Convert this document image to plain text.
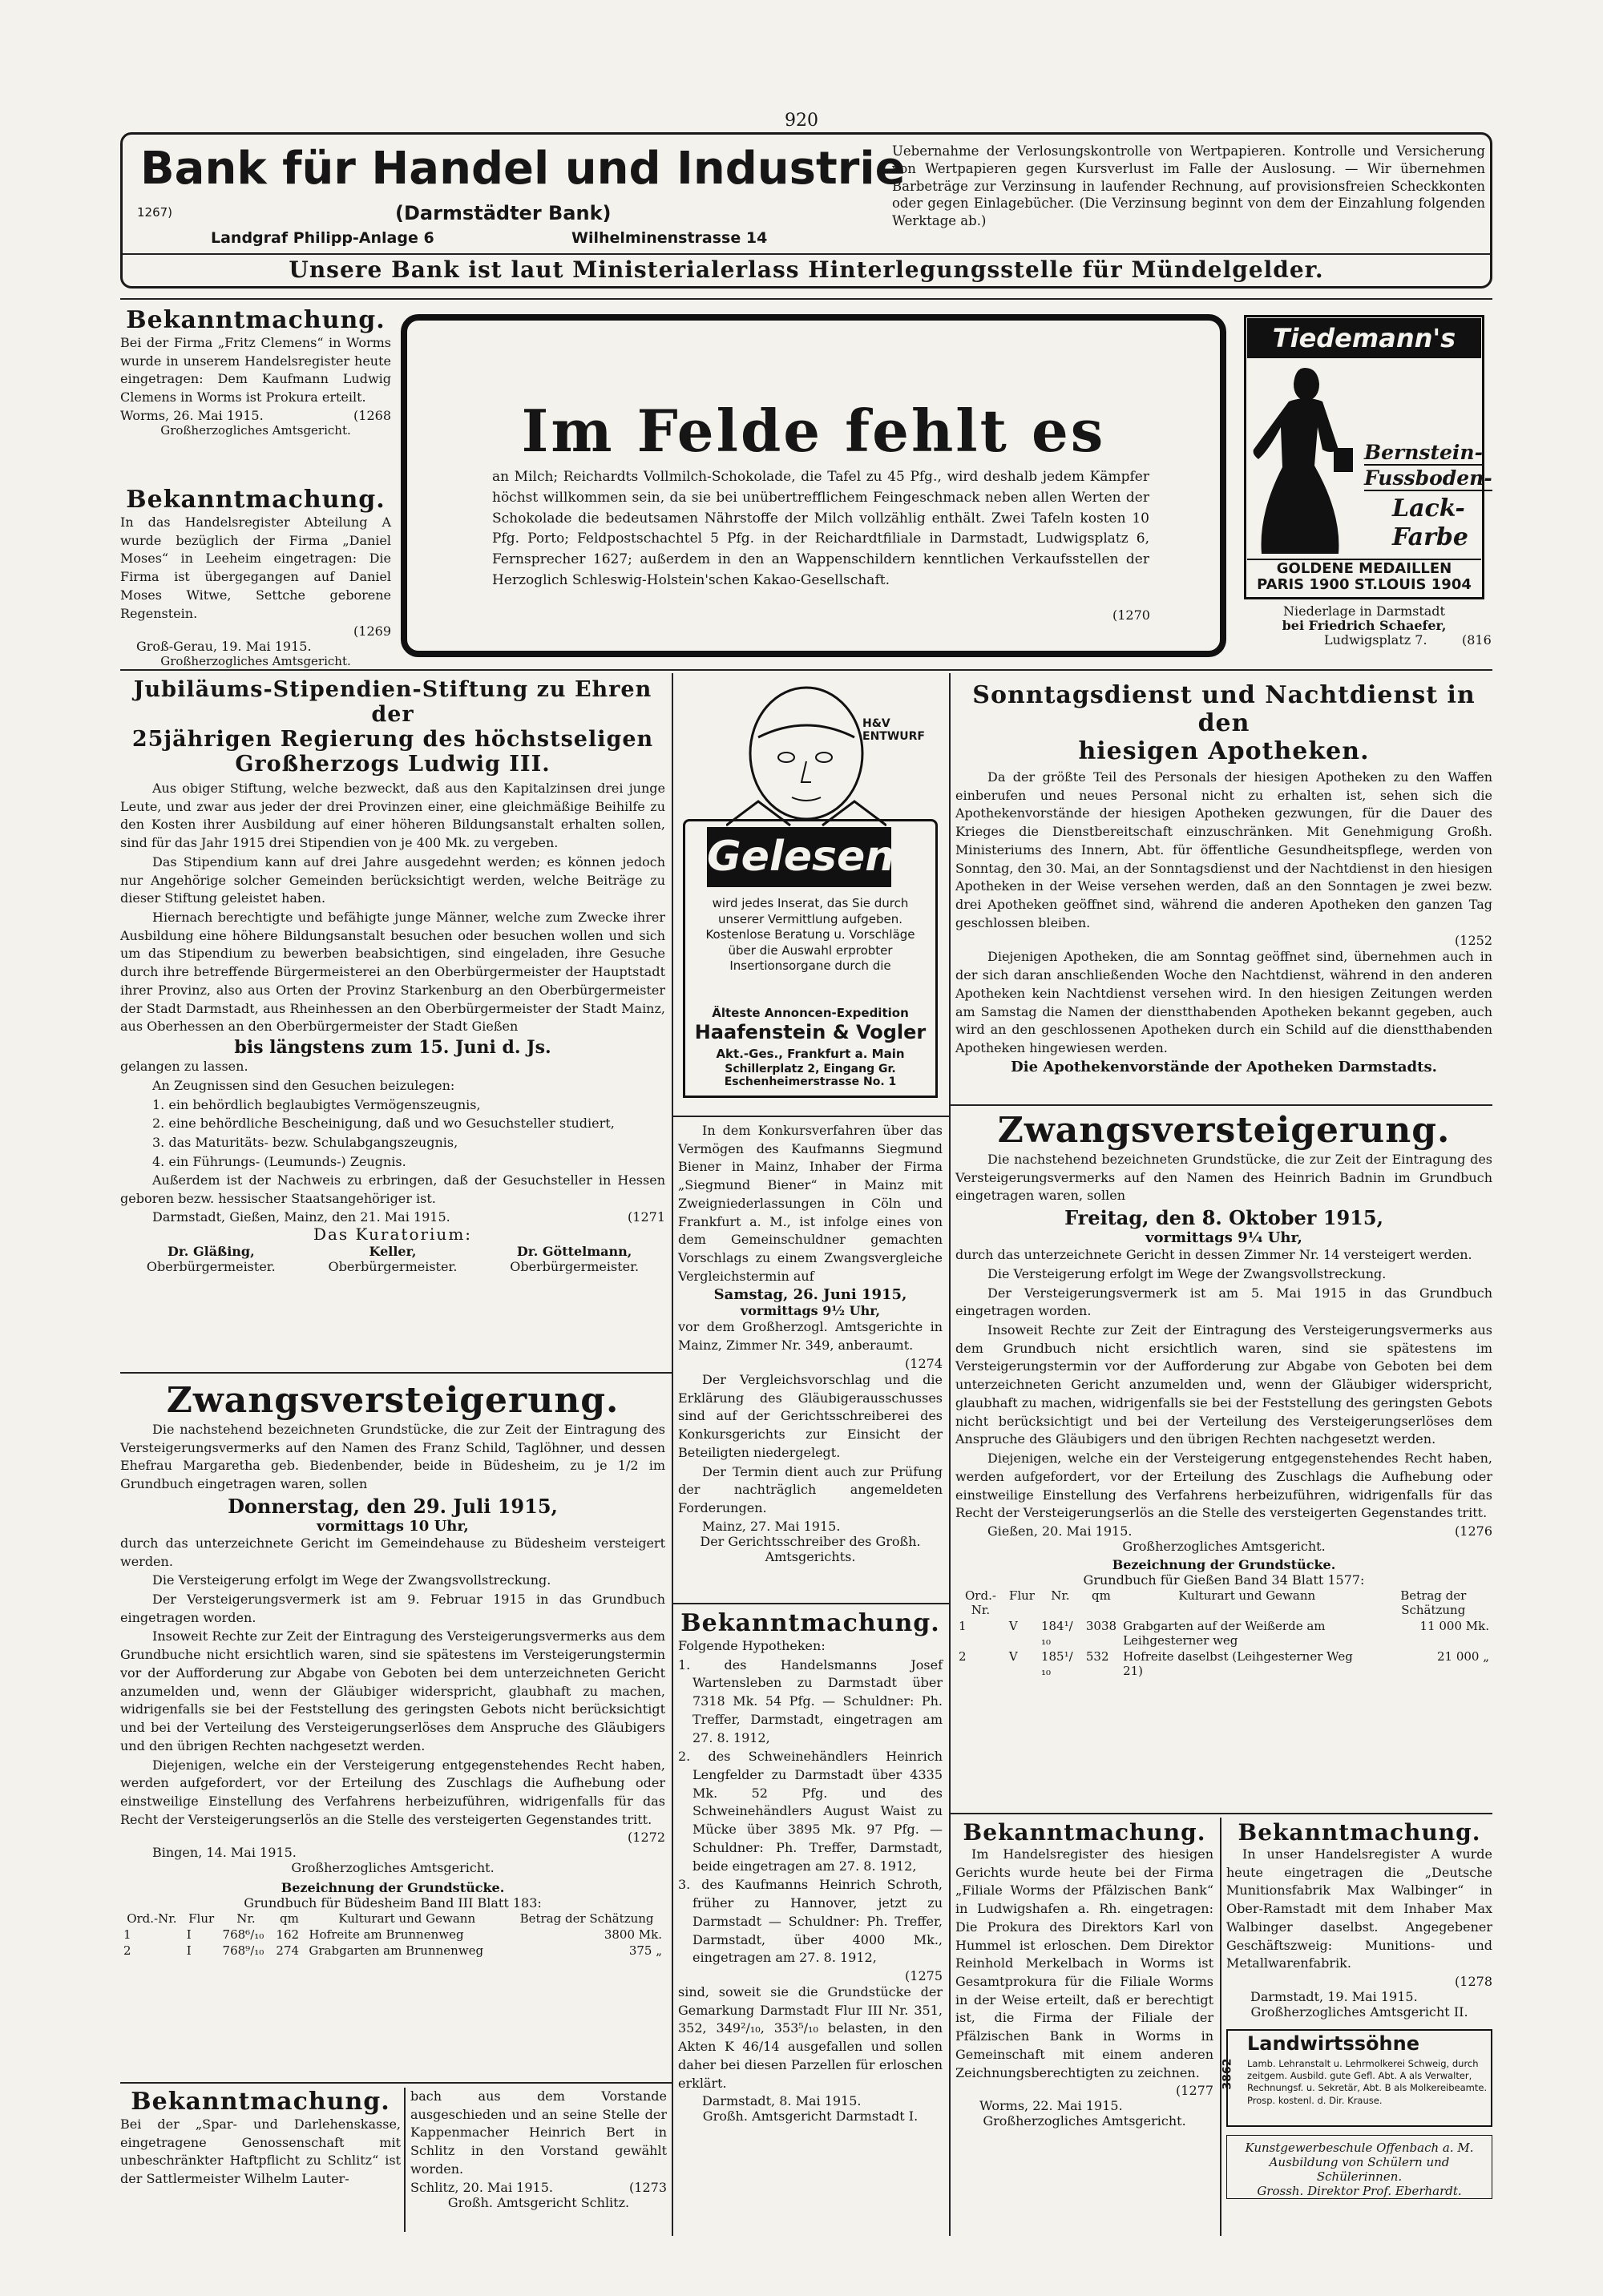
920
Bank für Handel und Industrie
1267)	(Darmstädter Bank)
Landgraf Philipp-Anlage 6	Wilhelminenstrasse 14
Uebernahme der Verlosungskontrolle von Wertpapieren. Kontrolle und Versicherung von Wertpapieren gegen Kursverlust im Falle der Auslosung. — Wir übernehmen Barbeträge zur Verzinsung in laufender Rechnung, auf provisionsfreien Scheckkonten oder gegen Einlagebücher. (Die Verzinsung beginnt von dem der Einzahlung folgenden Werktage ab.)
Unsere Bank ist laut Ministerialerlass Hinterlegungsstelle für Mündelgelder.
Bekanntmachung.
Bei der Firma „Fritz Clemens“ in Worms wurde in unserem Handelsregister heute eingetragen: Dem Kaufmann Ludwig Clemens in Worms ist Prokura erteilt.
Worms, 26. Mai 1915.	(1268
Großherzogliches Amtsgericht.
Bekanntmachung.
In das Handelsregister Abteilung A wurde bezüglich der Firma „Daniel Moses“ in Leeheim eingetragen: Die Firma ist übergegangen auf Daniel Moses Witwe, Settche geborene Regenstein.
(1269
Groß-Gerau, 19. Mai 1915.
Großherzogliches Amtsgericht.
Im Felde fehlt es
an Milch; Reichardts Vollmilch-Schokolade, die Tafel zu 45 Pfg., wird deshalb jedem Kämpfer höchst willkommen sein, da sie bei unübertrefflichem Feingeschmack neben allen Werten der Schokolade die bedeutsamen Nährstoffe der Milch vollzählig enthält. Zwei Tafeln kosten 10 Pfg. Porto; Feldpostschachtel 5 Pfg. in der Reichardtfiliale in Darmstadt, Ludwigsplatz 6, Fernsprecher 1627; außerdem in den an Wappenschildern kenntlichen Verkaufsstellen der Herzoglich Schleswig-Holstein'schen Kakao-Gesellschaft.
(1270
Tiedemann's
Bernstein-
Fussboden-
Lack-
Farbe
GOLDENE MEDAILLEN
PARIS 1900 ST.LOUIS 1904
Niederlage in Darmstadt
bei Friedrich Schaefer,
Ludwigsplatz 7.	(816
Jubiläums-Stipendien-Stiftung zu Ehren der
25jährigen Regierung des höchstseligen
Großherzogs Ludwig III.
Aus obiger Stiftung, welche bezweckt, daß aus den Kapitalzinsen drei junge Leute, und zwar aus jeder der drei Provinzen einer, eine gleichmäßige Beihilfe zu den Kosten ihrer Ausbildung auf einer höheren Bildungsanstalt erhalten sollen, sind für das Jahr 1915 drei Stipendien von je 400 Mk. zu vergeben.
Das Stipendium kann auf drei Jahre ausgedehnt werden; es können jedoch nur Angehörige solcher Gemeinden berücksichtigt werden, welche Beiträge zu dieser Stiftung geleistet haben.
Hiernach berechtigte und befähigte junge Männer, welche zum Zwecke ihrer Ausbildung eine höhere Bildungsanstalt besuchen oder besuchen wollen und sich um das Stipendium zu bewerben beabsichtigen, sind eingeladen, ihre Gesuche durch ihre betreffende Bürgermeisterei an den Oberbürgermeister der Hauptstadt ihrer Provinz, also aus Orten der Provinz Starkenburg an den Oberbürgermeister der Stadt Darmstadt, aus Rheinhessen an den Oberbürgermeister der Stadt Mainz, aus Oberhessen an den Oberbürgermeister der Stadt Gießen
bis längstens zum 15. Juni d. Js.
gelangen zu lassen.
An Zeugnissen sind den Gesuchen beizulegen:
1. ein behördlich beglaubigtes Vermögenszeugnis,
2. eine behördliche Bescheinigung, daß und wo Gesuchsteller studiert,
3. das Maturitäts- bezw. Schulabgangszeugnis,
4. ein Führungs- (Leumunds-) Zeugnis.
Außerdem ist der Nachweis zu erbringen, daß der Gesuchsteller in Hessen geboren bezw. hessischer Staatsangehöriger ist.
Darmstadt, Gießen, Mainz, den 21. Mai 1915.	(1271
Das Kuratorium:
Dr. Gläßing,
Oberbürgermeister.
Keller,
Oberbürgermeister.
Dr. Göttelmann,
Oberbürgermeister.
Zwangsversteigerung.
Die nachstehend bezeichneten Grundstücke, die zur Zeit der Eintragung des Versteigerungsvermerks auf den Namen des Franz Schild, Taglöhner, und dessen Ehefrau Margaretha geb. Biedenbender, beide in Büdesheim, zu je 1/2 im Grundbuch eingetragen waren, sollen
Donnerstag, den 29. Juli 1915,
vormittags 10 Uhr,
durch das unterzeichnete Gericht im Gemeindehause zu Büdesheim versteigert werden.
Die Versteigerung erfolgt im Wege der Zwangsvollstreckung.
Der Versteigerungsvermerk ist am 9. Februar 1915 in das Grundbuch eingetragen worden.
Insoweit Rechte zur Zeit der Eintragung des Versteigerungsvermerks aus dem Grundbuche nicht ersichtlich waren, sind sie spätestens im Versteigerungstermin vor der Aufforderung zur Abgabe von Geboten bei dem unterzeichneten Gericht anzumelden und, wenn der Gläubiger widerspricht, glaubhaft zu machen, widrigenfalls sie bei der Feststellung des geringsten Gebots nicht berücksichtigt und bei der Verteilung des Versteigerungserlöses dem Anspruche des Gläubigers und den übrigen Rechten nachgesetzt werden.
Diejenigen, welche ein der Versteigerung entgegenstehendes Recht haben, werden aufgefordert, vor der Erteilung des Zuschlags die Aufhebung oder einstweilige Einstellung des Verfahrens herbeizuführen, widrigenfalls für das Recht der Versteigerungserlös an die Stelle des versteigerten Gegenstandes tritt.
(1272
Bingen, 14. Mai 1915.
Großherzogliches Amtsgericht.
Bezeichnung der Grundstücke.
Grundbuch für Büdesheim Band III Blatt 183:
Ord.-Nr.	Flur	Nr.	qm	Kulturart und Gewann	Betrag der Schätzung
1	I	768⁶/₁₀	162	Hofreite am Brunnenweg	3800 Mk.
2	I	768⁹/₁₀	274	Grabgarten am Brunnenweg	375 „
Bekanntmachung.
Bei der „Spar- und Darlehenskasse, eingetragene Genossenschaft mit unbeschränkter Haftpflicht zu Schlitz“ ist der Sattlermeister Wilhelm Lauter-
bach aus dem Vorstande ausgeschieden und an seine Stelle der Kappenmacher Heinrich Bert in Schlitz in den Vorstand gewählt worden.
Schlitz, 20. Mai 1915.	(1273
Großh. Amtsgericht Schlitz.
H&V ENTWURF
Gelesen
wird jedes Inserat, das Sie durch unserer Vermittlung aufgeben. Kostenlose Beratung u. Vorschläge über die Auswahl erprobter Insertionsorgane durch die
Älteste Annoncen-Expedition
Haafenstein & Vogler
Akt.-Ges., Frankfurt a. Main
Schillerplatz 2, Eingang Gr. Eschenheimerstrasse No. 1
In dem Konkursverfahren über das Vermögen des Kaufmanns Siegmund Biener in Mainz, Inhaber der Firma „Siegmund Biener“ in Mainz mit Zweigniederlassungen in Cöln und Frankfurt a. M., ist infolge eines von dem Gemeinschuldner gemachten Vorschlags zu einem Zwangsvergleiche Vergleichstermin auf
Samstag, 26. Juni 1915,
vormittags 9½ Uhr,
vor dem Großherzogl. Amtsgerichte in Mainz, Zimmer Nr. 349, anberaumt.
(1274
Der Vergleichsvorschlag und die Erklärung des Gläubigerausschusses sind auf der Gerichtsschreiberei des Konkursgerichts zur Einsicht der Beteiligten niedergelegt.
Der Termin dient auch zur Prüfung der nachträglich angemeldeten Forderungen.
Mainz, 27. Mai 1915.
Der Gerichtsschreiber des Großh. Amtsgerichts.
Bekanntmachung.
Folgende Hypotheken:
1. des Handelsmanns Josef Wartensleben zu Darmstadt über 7318 Mk. 54 Pfg. — Schuldner: Ph. Treffer, Darmstadt, eingetragen am 27. 8. 1912,
2. des Schweinehändlers Heinrich Lengfelder zu Darmstadt über 4335 Mk. 52 Pfg. und des Schweinehändlers August Waist zu Mücke über 3895 Mk. 97 Pfg. — Schuldner: Ph. Treffer, Darmstadt, beide eingetragen am 27. 8. 1912,
3. des Kaufmanns Heinrich Schroth, früher zu Hannover, jetzt zu Darmstadt — Schuldner: Ph. Treffer, Darmstadt, über 4000 Mk., eingetragen am 27. 8. 1912,
(1275
sind, soweit sie die Grundstücke der Gemarkung Darmstadt Flur III Nr. 351, 352, 349²/₁₀, 353⁵/₁₀ belasten, in den Akten K 46/14 ausgefallen und sollen daher bei diesen Parzellen für erloschen erklärt.
Darmstadt, 8. Mai 1915.
Großh. Amtsgericht Darmstadt I.
Sonntagsdienst und Nachtdienst in den
hiesigen Apotheken.
Da der größte Teil des Personals der hiesigen Apotheken zu den Waffen einberufen und neues Personal nicht zu erhalten ist, sehen sich die Apothekenvorstände der hiesigen Apotheken gezwungen, für die Dauer des Krieges die Dienstbereitschaft einzuschränken. Mit Genehmigung Großh. Ministeriums des Innern, Abt. für öffentliche Gesundheitspflege, werden von Sonntag, den 30. Mai, an der Sonntagsdienst und der Nachtdienst in den hiesigen Apotheken in der Weise versehen werden, daß an den Sonntagen je zwei bezw. drei Apotheken geöffnet sind, während die anderen Apotheken den ganzen Tag geschlossen bleiben.
(1252
Diejenigen Apotheken, die am Sonntag geöffnet sind, übernehmen auch in der sich daran anschließenden Woche den Nachtdienst, während in den anderen Apotheken kein Nachtdienst versehen wird. In den hiesigen Zeitungen werden am Samstag die Namen der dienstthabenden Apotheken bekannt gegeben, auch wird an den geschlossenen Apotheken durch ein Schild auf die dienstthabenden Apotheken hingewiesen werden.
Die Apothekenvorstände der Apotheken Darmstadts.
Zwangsversteigerung.
Die nachstehend bezeichneten Grundstücke, die zur Zeit der Eintragung des Versteigerungsvermerks auf den Namen des Heinrich Badnin im Grundbuch eingetragen waren, sollen
Freitag, den 8. Oktober 1915,
vormittags 9¼ Uhr,
durch das unterzeichnete Gericht in dessen Zimmer Nr. 14 versteigert werden.
Die Versteigerung erfolgt im Wege der Zwangsvollstreckung.
Der Versteigerungsvermerk ist am 5. Mai 1915 in das Grundbuch eingetragen worden.
Insoweit Rechte zur Zeit der Eintragung des Versteigerungsvermerks aus dem Grundbuch nicht ersichtlich waren, sind sie spätestens im Versteigerungstermin vor der Aufforderung zur Abgabe von Geboten bei dem unterzeichneten Gericht anzumelden und, wenn der Gläubiger widerspricht, glaubhaft zu machen, widrigenfalls sie bei der Feststellung des geringsten Gebots nicht berücksichtigt und bei der Verteilung des Versteigerungserlöses dem Anspruche des Gläubigers und den übrigen Rechten nachgesetzt werden.
Diejenigen, welche ein der Versteigerung entgegenstehendes Recht haben, werden aufgefordert, vor der Erteilung des Zuschlags die Aufhebung oder einstweilige Einstellung des Verfahrens herbeizuführen, widrigenfalls für das Recht der Versteigerungserlös an die Stelle des versteigerten Gegenstandes tritt.
Gießen, 20. Mai 1915.	(1276
Großherzogliches Amtsgericht.
Bezeichnung der Grundstücke.
Grundbuch für Gießen Band 34 Blatt 1577:
Ord.-Nr.	Flur	Nr.	qm	Kulturart und Gewann	Betrag der Schätzung
1	V	184¹/₁₀	3038	Grabgarten auf der Weißerde am Leihgesterner weg	11 000 Mk.
2	V	185¹/₁₀	532	Hofreite daselbst (Leihgesterner Weg 21)	21 000 „
Bekanntmachung.
Im Handelsregister des hiesigen Gerichts wurde heute bei der Firma „Filiale Worms der Pfälzischen Bank“ in Ludwigshafen a. Rh. eingetragen: Die Prokura des Direktors Karl von Hummel ist erloschen. Dem Direktor Reinhold Merkelbach in Worms ist Gesamtprokura für die Filiale Worms in der Weise erteilt, daß er berechtigt ist, die Firma der Filiale der Pfälzischen Bank in Worms in Gemeinschaft mit einem anderen Zeichnungsberechtigten zu zeichnen.
(1277
Worms, 22. Mai 1915.
Großherzogliches Amtsgericht.
Bekanntmachung.
In unser Handelsregister A wurde heute eingetragen die „Deutsche Munitionsfabrik Max Walbinger“ in Ober-Ramstadt mit dem Inhaber Max Walbinger daselbst. Angegebener Geschäftszweig: Munitions- und Metallwarenfabrik.
(1278
Darmstadt, 19. Mai 1915.
Großherzogliches Amtsgericht II.
3862
Landwirtssöhne
Lamb. Lehranstalt u. Lehrmolkerei Schweig, durch zeitgem. Ausbild. gute Gefl. Abt. A als Verwalter, Rechnungsf. u. Sekretär, Abt. B als Molkereibeamte. Prosp. kostenl. d. Dir. Krause.
Kunstgewerbeschule Offenbach a. M.
Ausbildung von Schülern und Schülerinnen.
Grossh. Direktor Prof. Eberhardt.
